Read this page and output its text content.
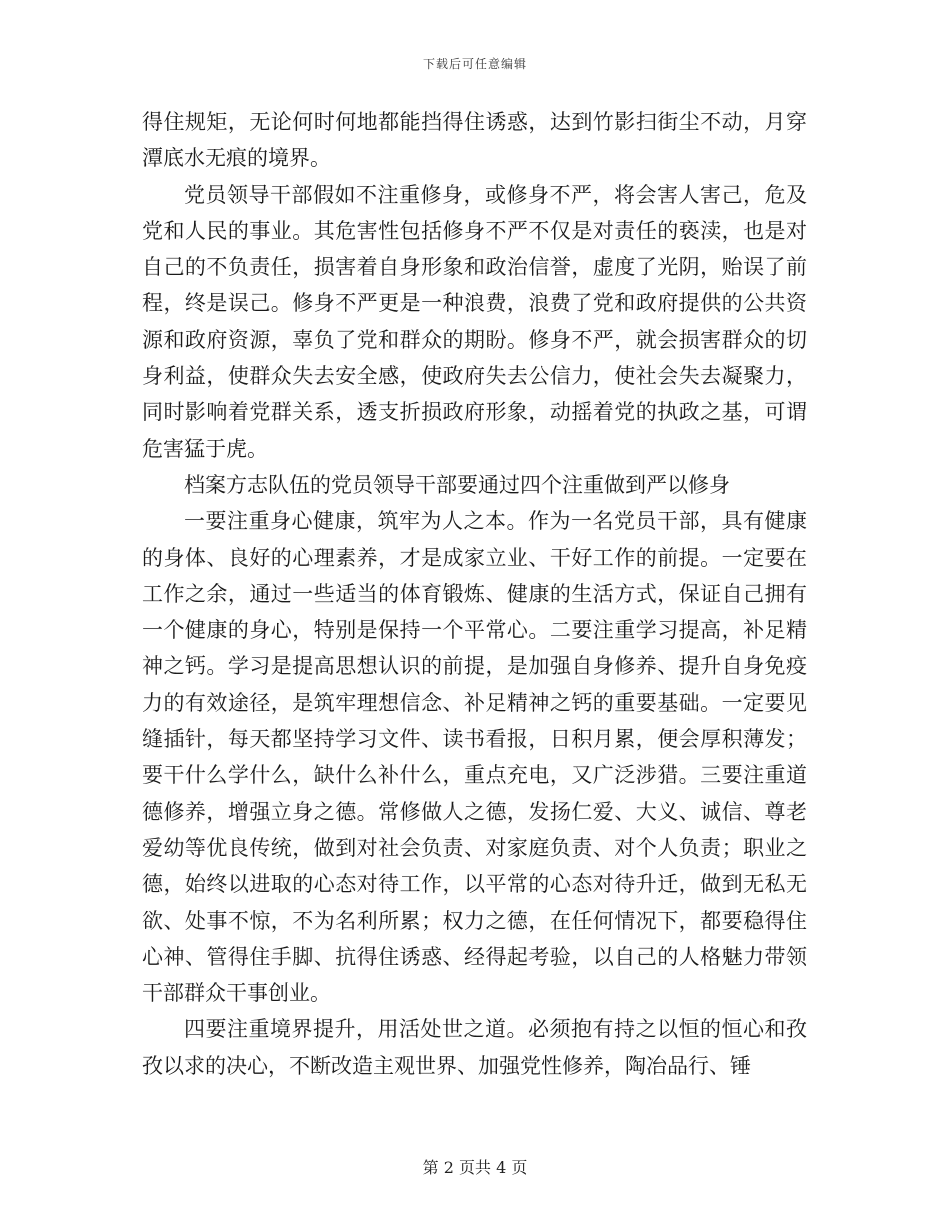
下载后可任意编辑

得住规矩，无论何时何地都能挡得住诱惑，达到竹影扫街尘不动，月穿潭底水无痕的境界。

党员领导干部假如不注重修身，或修身不严，将会害人害己，危及党和人民的事业。其危害性包括修身不严不仅是对责任的亵渎，也是对自己的不负责任，损害着自身形象和政治信誉，虚度了光阴，贻误了前程，终是误己。修身不严更是一种浪费，浪费了党和政府提供的公共资源和政府资源，辜负了党和群众的期盼。修身不严，就会损害群众的切身利益，使群众失去安全感，使政府失去公信力，使社会失去凝聚力，同时影响着党群关系，透支折损政府形象，动摇着党的执政之基，可谓危害猛于虎。

档案方志队伍的党员领导干部要通过四个注重做到严以修身

一要注重身心健康，筑牢为人之本。作为一名党员干部，具有健康的身体、良好的心理素养，才是成家立业、干好工作的前提。一定要在工作之余，通过一些适当的体育锻炼、健康的生活方式，保证自己拥有一个健康的身心，特别是保持一个平常心。二要注重学习提高，补足精神之钙。学习是提高思想认识的前提，是加强自身修养、提升自身免疫力的有效途径，是筑牢理想信念、补足精神之钙的重要基础。一定要见缝插针，每天都坚持学习文件、读书看报，日积月累，便会厚积薄发；要干什么学什么，缺什么补什么，重点充电，又广泛涉猎。三要注重道德修养，增强立身之德。常修做人之德，发扬仁爱、大义、诚信、尊老爱幼等优良传统，做到对社会负责、对家庭负责、对个人负责；职业之德，始终以进取的心态对待工作，以平常的心态对待升迁，做到无私无欲、处事不惊，不为名利所累；权力之德，在任何情况下，都要稳得住心神、管得住手脚、抗得住诱惑、经得起考验，以自己的人格魅力带领干部群众干事创业。

四要注重境界提升，用活处世之道。必须抱有持之以恒的恒心和孜孜以求的决心，不断改造主观世界、加强党性修养，陶冶品行、锤

第 2 页共 4 页
